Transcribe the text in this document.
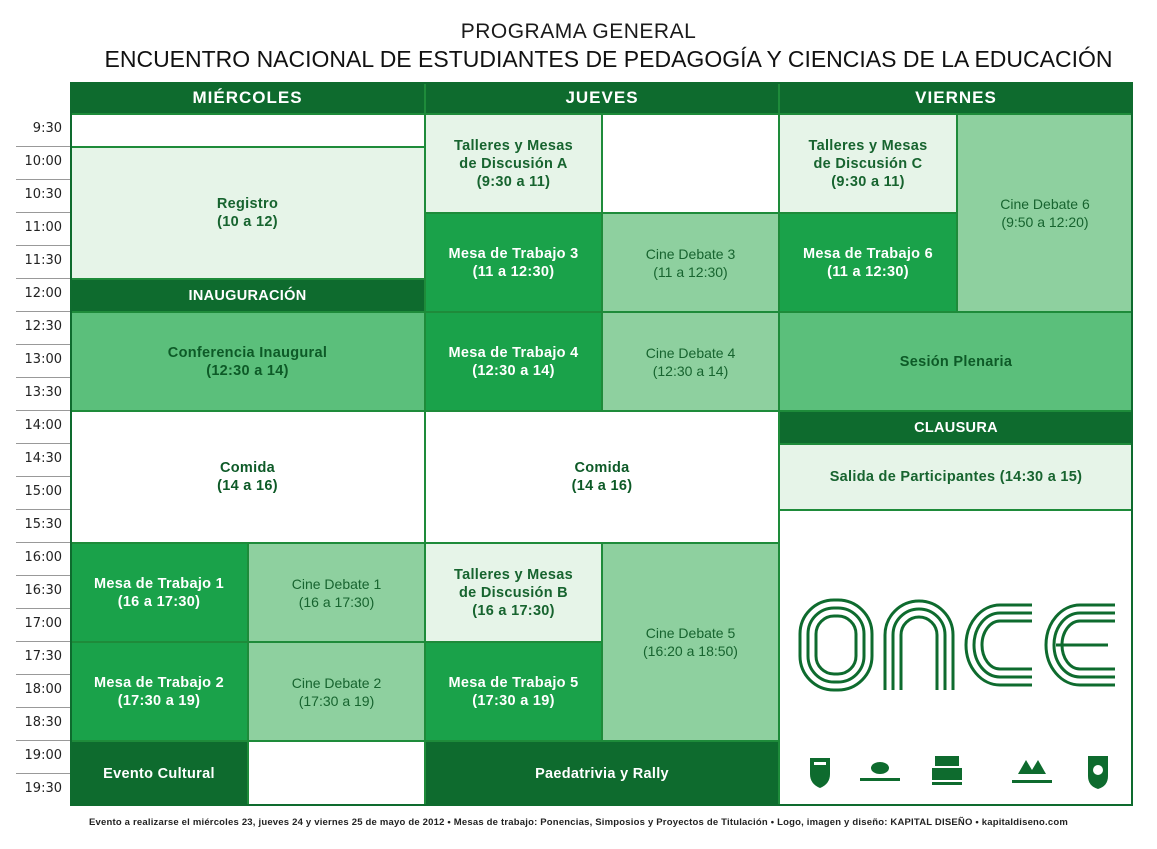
PROGRAMA GENERAL
ENCUENTRO NACIONAL DE ESTUDIANTES DE PEDAGOGÍA Y CIENCIAS DE LA EDUCACIÓN
9:30
10:00
10:30
11:00
11:30
12:00
12:30
13:00
13:30
14:00
14:30
15:00
15:30
16:00
16:30
17:00
17:30
18:00
18:30
19:00
19:30
MIÉRCOLES	JUEVES	VIERNES
Registro
(10 a 12)
INAUGURACIÓN
Conferencia Inaugural
(12:30 a 14)
Comida
(14 a 16)
Mesa de Trabajo 1
(16 a 17:30)
Cine Debate 1
(16 a 17:30)
Mesa de Trabajo 2
(17:30 a 19)
Cine Debate 2
(17:30 a 19)
Evento Cultural
Talleres y Mesas
de Discusión A
(9:30 a 11)
Mesa de Trabajo 3
(11 a 12:30)
Cine Debate 3
(11 a 12:30)
Mesa de Trabajo 4
(12:30 a 14)
Cine Debate 4
(12:30 a 14)
Comida
(14 a 16)
Talleres y Mesas
de Discusión B
(16 a 17:30)
Cine Debate 5
(16:20 a 18:50)
Mesa de Trabajo 5
(17:30 a 19)
Paedatrivia y Rally
Talleres y Mesas
de Discusión C
(9:30 a 11)
Cine Debate 6
(9:50 a 12:20)
Mesa de Trabajo 6
(11 a 12:30)
Sesión Plenaria
CLAUSURA
Salida de Participantes (14:30 a 15)
Evento a realizarse el miércoles 23, jueves 24 y viernes 25 de mayo de 2012 • Mesas de trabajo: Ponencias, Simposios y Proyectos de Titulación • Logo, imagen y diseño: KAPITAL DISEÑO • kapitaldiseno.com
